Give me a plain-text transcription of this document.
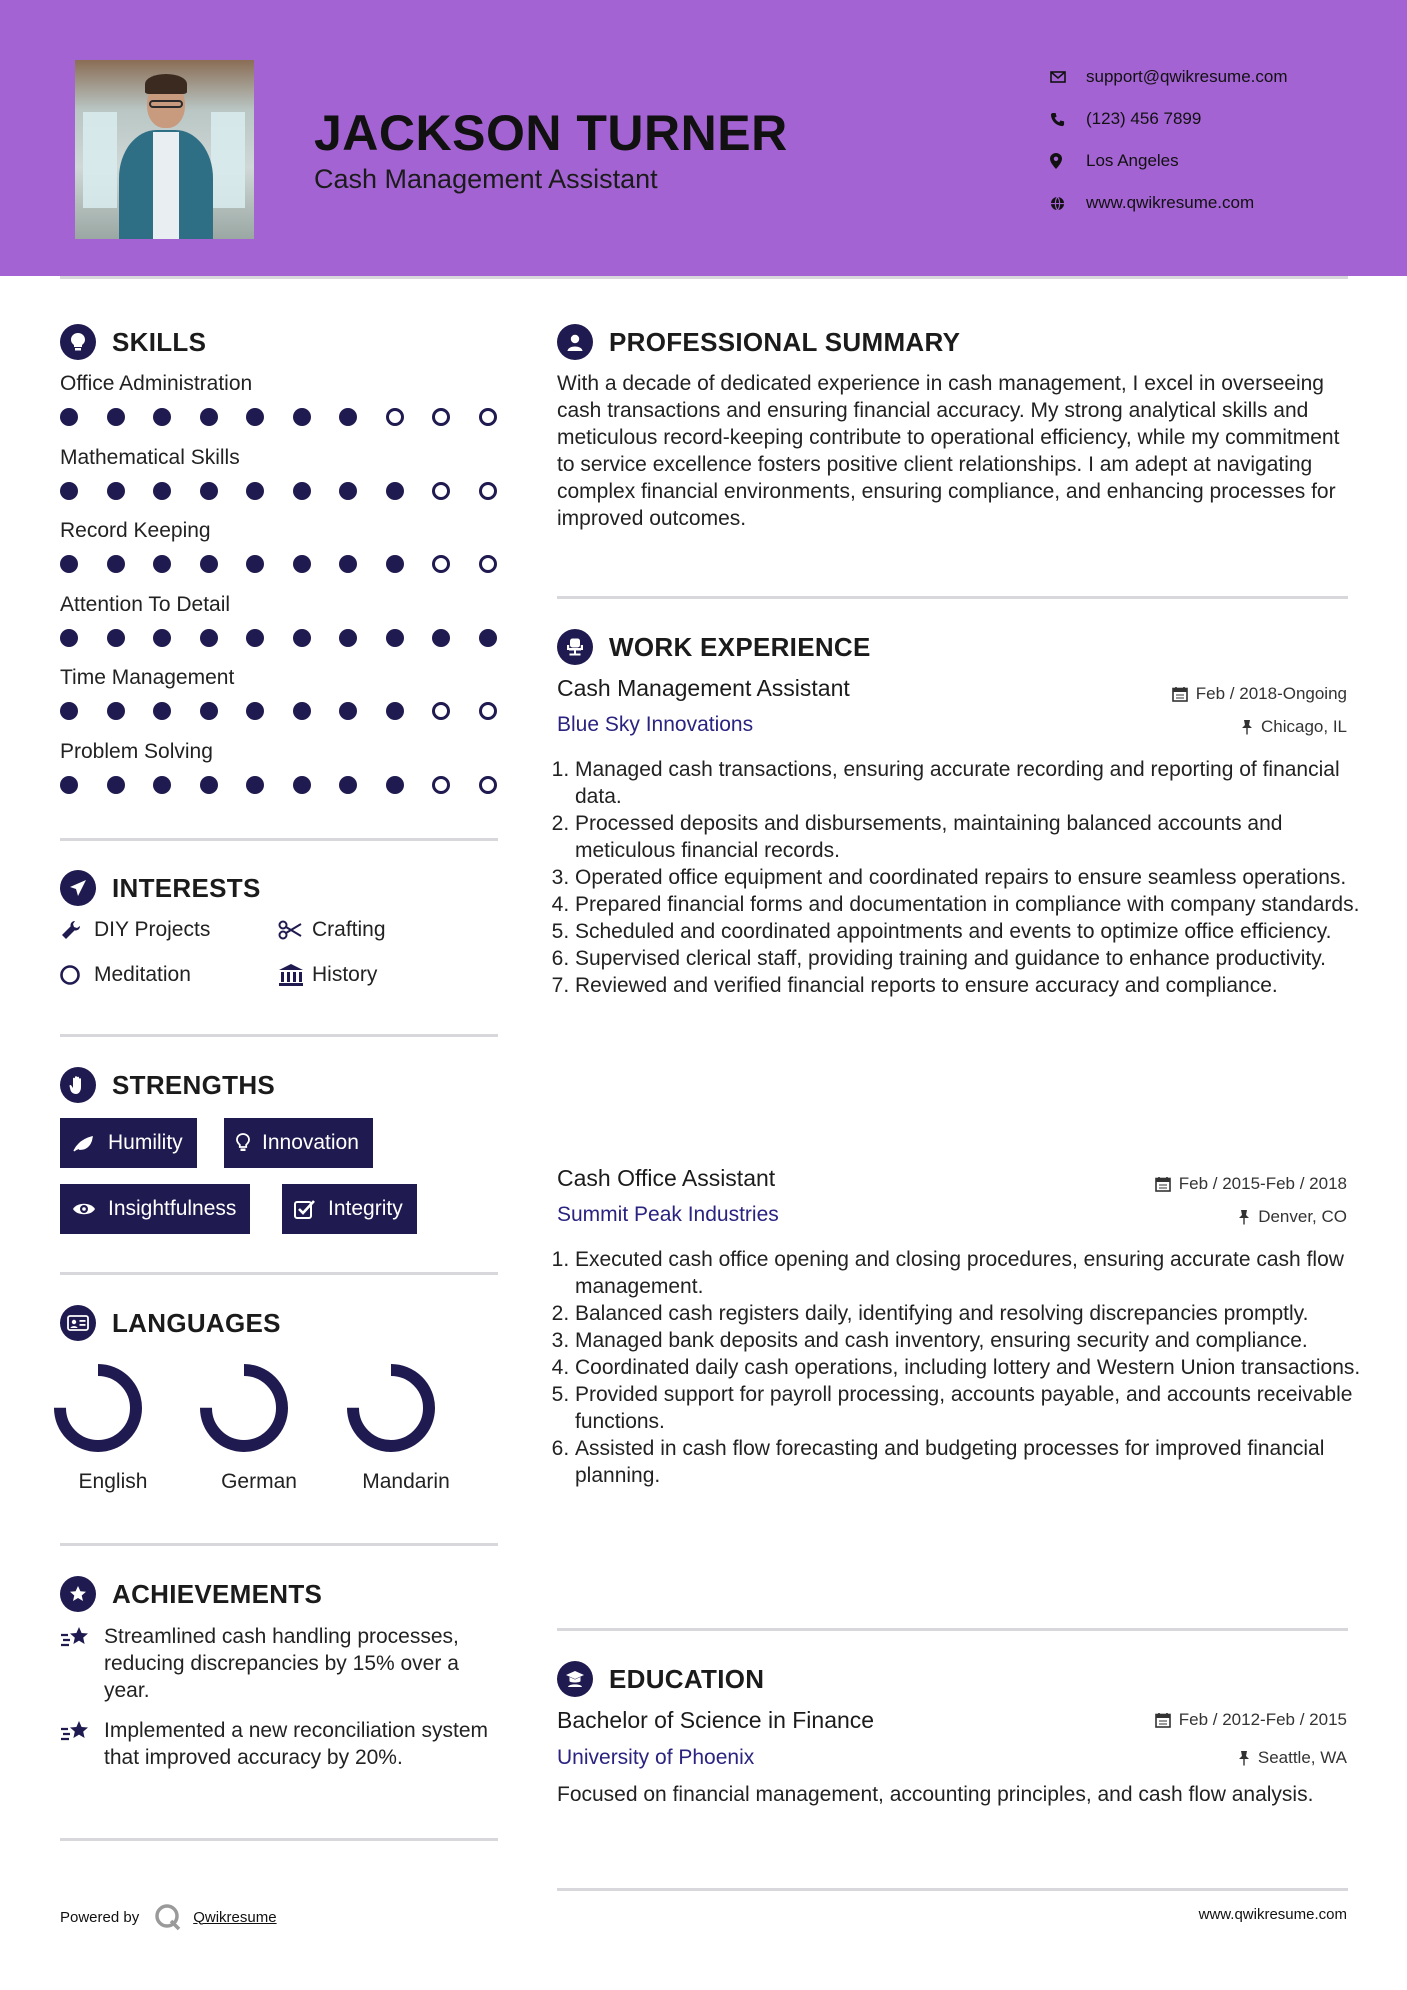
JACKSON TURNER

Cash Management Assistant

support@qwikresume.com
(123) 456 7899
Los Angeles
www.qwikresume.com
SKILLS
Office Administration
Mathematical Skills
Record Keeping
Attention To Detail
Time Management
Problem Solving
INTERESTS
DIY Projects	Crafting
Meditation	History
STRENGTHS
Humility	Innovation
Insightfulness	Integrity
LANGUAGES
English	German	Mandarin
ACHIEVEMENTS
Streamlined cash handling processes, reducing discrepancies by 15% over a year.
Implemented a new reconciliation system that improved accuracy by 20%.
PROFESSIONAL SUMMARY

With a decade of dedicated experience in cash management, I excel in overseeing cash transactions and ensuring financial accuracy. My strong analytical skills and meticulous record-keeping contribute to operational efficiency, while my commitment to service excellence fosters positive client relationships. I am adept at navigating complex financial environments, ensuring compliance, and enhancing processes for improved outcomes.

WORK EXPERIENCE
Cash Management Assistant	Feb / 2018-Ongoing
Blue Sky Innovations	Chicago, IL
1. Managed cash transactions, ensuring accurate recording and reporting of financial data.
2. Processed deposits and disbursements, maintaining balanced accounts and meticulous financial records.
3. Operated office equipment and coordinated repairs to ensure seamless operations.
4. Prepared financial forms and documentation in compliance with company standards.
5. Scheduled and coordinated appointments and events to optimize office efficiency.
6. Supervised clerical staff, providing training and guidance to enhance productivity.
7. Reviewed and verified financial reports to ensure accuracy and compliance.
Cash Office Assistant	Feb / 2015-Feb / 2018
Summit Peak Industries	Denver, CO
1. Executed cash office opening and closing procedures, ensuring accurate cash flow management.
2. Balanced cash registers daily, identifying and resolving discrepancies promptly.
3. Managed bank deposits and cash inventory, ensuring security and compliance.
4. Coordinated daily cash operations, including lottery and Western Union transactions.
5. Provided support for payroll processing, accounts payable, and accounts receivable functions.
6. Assisted in cash flow forecasting and budgeting processes for improved financial planning.
EDUCATION
Bachelor of Science in Finance	Feb / 2012-Feb / 2015
University of Phoenix	Seattle, WA

Focused on financial management, accounting principles, and cash flow analysis.

Powered by	Qwikresume	www.qwikresume.com
